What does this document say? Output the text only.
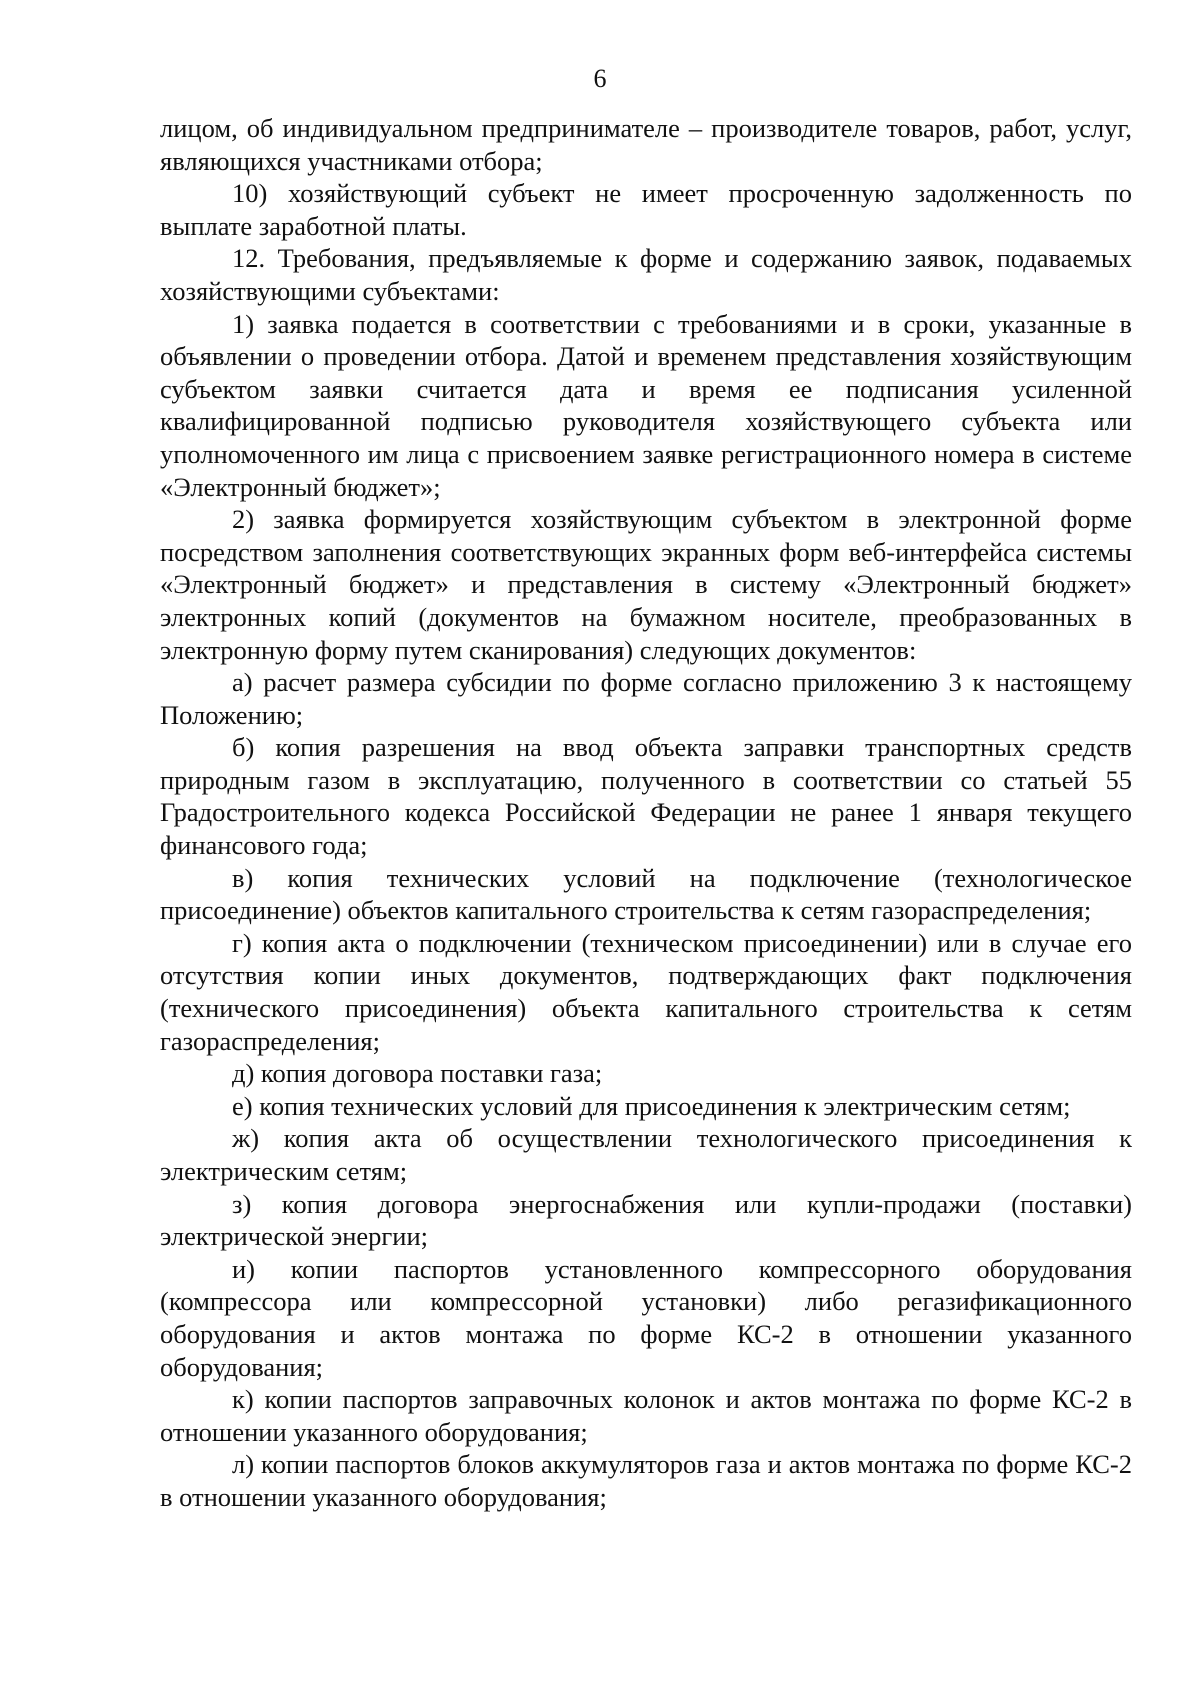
6

лицом, об индивидуальном предпринимателе – производителе товаров, работ, услуг, являющихся участниками отбора;

10) хозяйствующий субъект не имеет просроченную задолженность по выплате заработной платы.

12. Требования, предъявляемые к форме и содержанию заявок, подаваемых хозяйствующими субъектами:

1) заявка подается в соответствии с требованиями и в сроки, указанные в объявлении о проведении отбора. Датой и временем представления хозяйствующим субъектом заявки считается дата и время ее подписания усиленной квалифицированной подписью руководителя хозяйствующего субъекта или уполномоченного им лица с присвоением заявке регистрационного номера в системе «Электронный бюджет»;

2) заявка формируется хозяйствующим субъектом в электронной форме посредством заполнения соответствующих экранных форм веб-интерфейса системы «Электронный бюджет» и представления в систему «Электронный бюджет» электронных копий (документов на бумажном носителе, преобразованных в электронную форму путем сканирования) следующих документов:

а) расчет размера субсидии по форме согласно приложению 3 к настоящему Положению;

б) копия разрешения на ввод объекта заправки транспортных средств природным газом в эксплуатацию, полученного в соответствии со статьей 55 Градостроительного кодекса Российской Федерации не ранее 1 января текущего финансового года;

в) копия технических условий на подключение (технологическое присоединение) объектов капитального строительства к сетям газораспределения;

г) копия акта о подключении (техническом присоединении) или в случае его отсутствия копии иных документов, подтверждающих факт подключения (технического присоединения) объекта капитального строительства к сетям газораспределения;

д) копия договора поставки газа;

е) копия технических условий для присоединения к электрическим сетям;

ж) копия акта об осуществлении технологического присоединения к электрическим сетям;

з) копия договора энергоснабжения или купли-продажи (поставки) электрической энергии;

и) копии паспортов установленного компрессорного оборудования (компрессора или компрессорной установки) либо регазификационного оборудования и актов монтажа по форме КС-2 в отношении указанного оборудования;

к) копии паспортов заправочных колонок и актов монтажа по форме КС-2 в отношении указанного оборудования;

л) копии паспортов блоков аккумуляторов газа и актов монтажа по форме КС-2 в отношении указанного оборудования;
